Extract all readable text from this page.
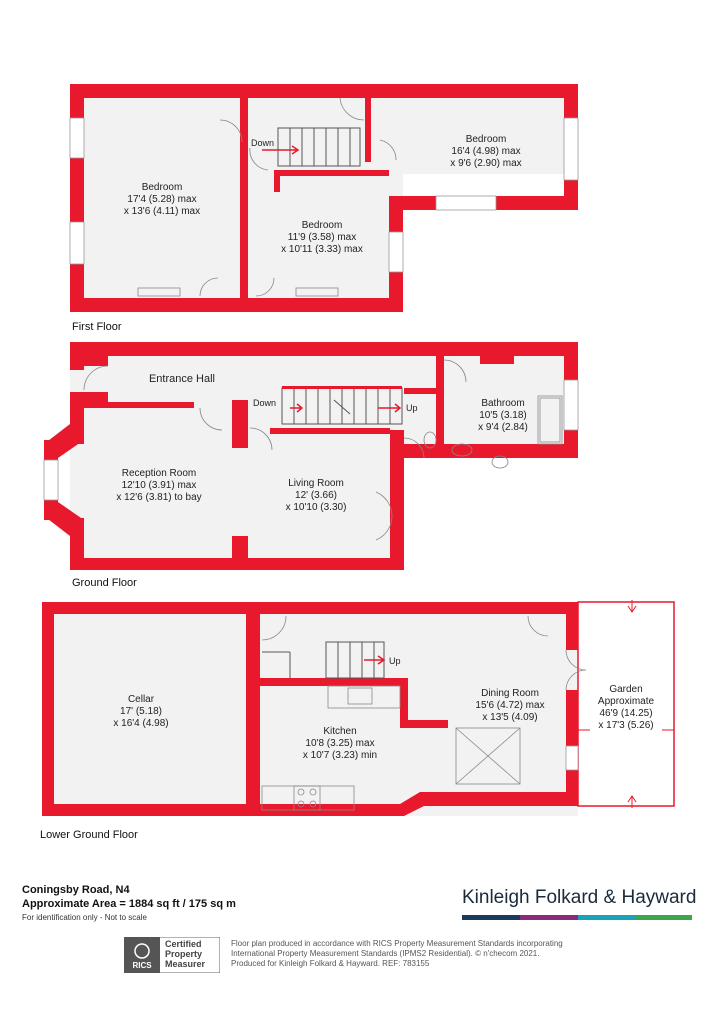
Bedroom
17'4 (5.28) max
x 13'6 (4.11) max
Bedroom
11'9 (3.58) max
x 10'11 (3.33) max
Bedroom
16'4 (4.98) max
x 9'6 (2.90) max
Down
First Floor
Entrance Hall
Bathroom
10'5 (3.18)
x 9'4 (2.84)
Reception Room
12'10 (3.91) max
x 12'6 (3.81) to bay
Living Room
12' (3.66)
x 10'10 (3.30)
Down	Up
Ground Floor
Cellar
17' (5.18)
x 16'4 (4.98)
Kitchen
10'8 (3.25) max
x 10'7 (3.23) min
Dining Room
15'6 (4.72) max
x 13'5 (4.09)
Garden
Approximate
46'9 (14.25)
x 17'3 (5.26)
Up
Lower Ground Floor

Coningsby Road, N4

Approximate Area = 1884 sq ft / 175 sq m

For identification only - Not to scale
Kinleigh Folkard & Hayward
RICS
Certified
Property
Measurer
Floor plan produced in accordance with RICS Property Measurement Standards incorporating
International Property Measurement Standards (IPMS2 Residential). © n'checom 2021.
Produced for Kinleigh Folkard & Hayward. REF: 783155
